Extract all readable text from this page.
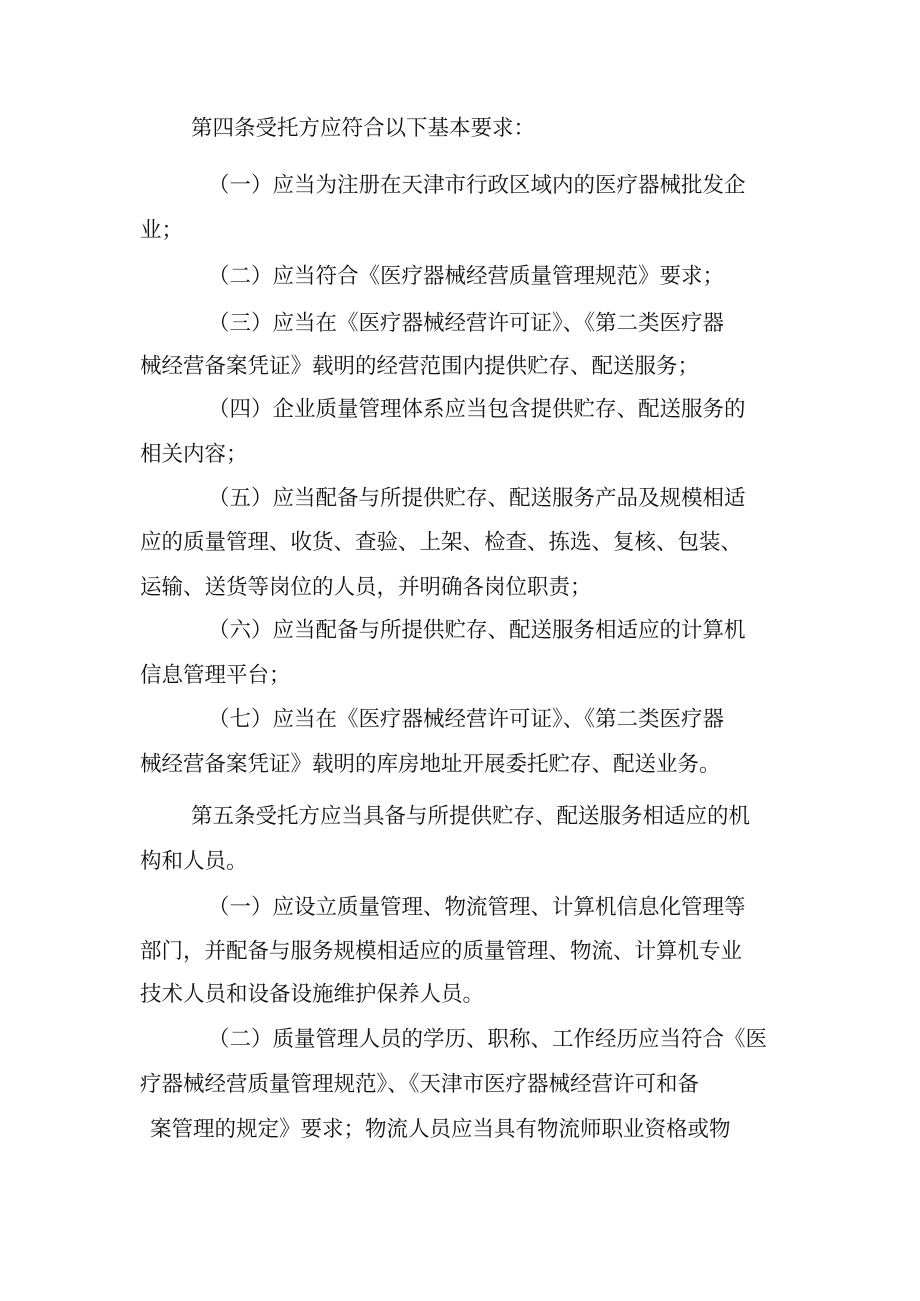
第四条受托方应符合以下基本要求：
（一）应当为注册在天津市行政区域内的医疗器械批发企
业；
（二）应当符合《医疗器械经营质量管理规范》要求；
（三）应当在《医疗器械经营许可证》、《第二类医疗器
械经营备案凭证》载明的经营范围内提供贮存、配送服务；
（四）企业质量管理体系应当包含提供贮存、配送服务的
相关内容；
（五）应当配备与所提供贮存、配送服务产品及规模相适
应的质量管理、收货、查验、上架、检查、拣选、复核、包装、
运输、送货等岗位的人员，并明确各岗位职责；
（六）应当配备与所提供贮存、配送服务相适应的计算机
信息管理平台；
（七）应当在《医疗器械经营许可证》、《第二类医疗器
械经营备案凭证》载明的库房地址开展委托贮存、配送业务。
第五条受托方应当具备与所提供贮存、配送服务相适应的机
构和人员。
（一）应设立质量管理、物流管理、计算机信息化管理等
部门，并配备与服务规模相适应的质量管理、物流、计算机专业
技术人员和设备设施维护保养人员。
（二）质量管理人员的学历、职称、工作经历应当符合《医
疗器械经营质量管理规范》、《天津市医疗器械经营许可和备
案管理的规定》要求；物流人员应当具有物流师职业资格或物
